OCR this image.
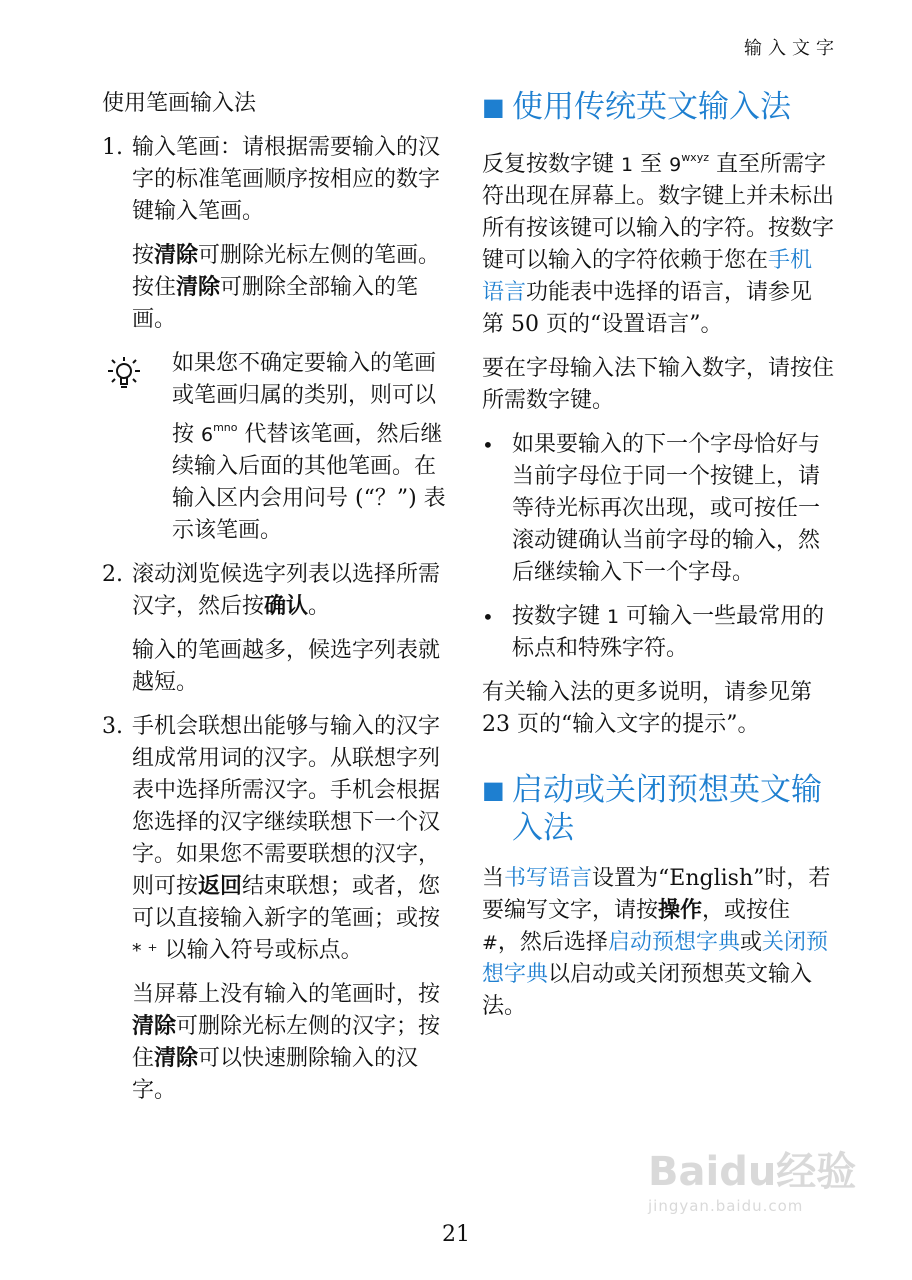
输入文字

使用笔画输入法

1. 输入笔画：请根据需要输入的汉字的标准笔画顺序按相应的数字键输入笔画。

按清除可删除光标左侧的笔画。按住清除可删除全部输入的笔画。

如果您不确定要输入的笔画或笔画归属的类别，则可以按 $6^{mno}$ 代替该笔画，然后继续输入后面的其他笔画。在输入区内会用问号 (“？”) 表示该笔画。

2. 滚动浏览候选字列表以选择所需汉字，然后按确认。

输入的笔画越多，候选字列表就越短。

3. 手机会联想出能够与输入的汉字组成常用词的汉字。从联想字列表中选择所需汉字。手机会根据您选择的汉字继续联想下一个汉字。如果您不需要联想的汉字，则可按返回结束联想；或者，您可以直接输入新字的笔画；或按 * ⁺ 以输入符号或标点。

当屏幕上没有输入的笔画时，按清除可删除光标左侧的汉字；按住清除可以快速删除输入的汉字。

■ 使用传统英文输入法

反复按数字键 1 至 $9^{wxyz}$ 直至所需字符出现在屏幕上。数字键上并未标出所有按该键可以输入的字符。按数字键可以输入的字符依赖于您在手机语言功能表中选择的语言，请参见第 50 页的“设置语言”。

要在字母输入法下输入数字，请按住所需数字键。

• 如果要输入的下一个字母恰好与当前字母位于同一个按键上，请等待光标再次出现，或可按任一滚动键确认当前字母的输入，然后继续输入下一个字母。

• 按数字键 1 可输入一些最常用的标点和特殊字符。

有关输入法的更多说明，请参见第 23 页的“输入文字的提示”。

■ 启动或关闭预想英文输入法

当书写语言设置为“English”时，若要编写文字，请按操作，或按住 #，然后选择启动预想字典或关闭预想字典以启动或关闭预想英文输入法。

Baidu经验
jingyan.baidu.com
21
